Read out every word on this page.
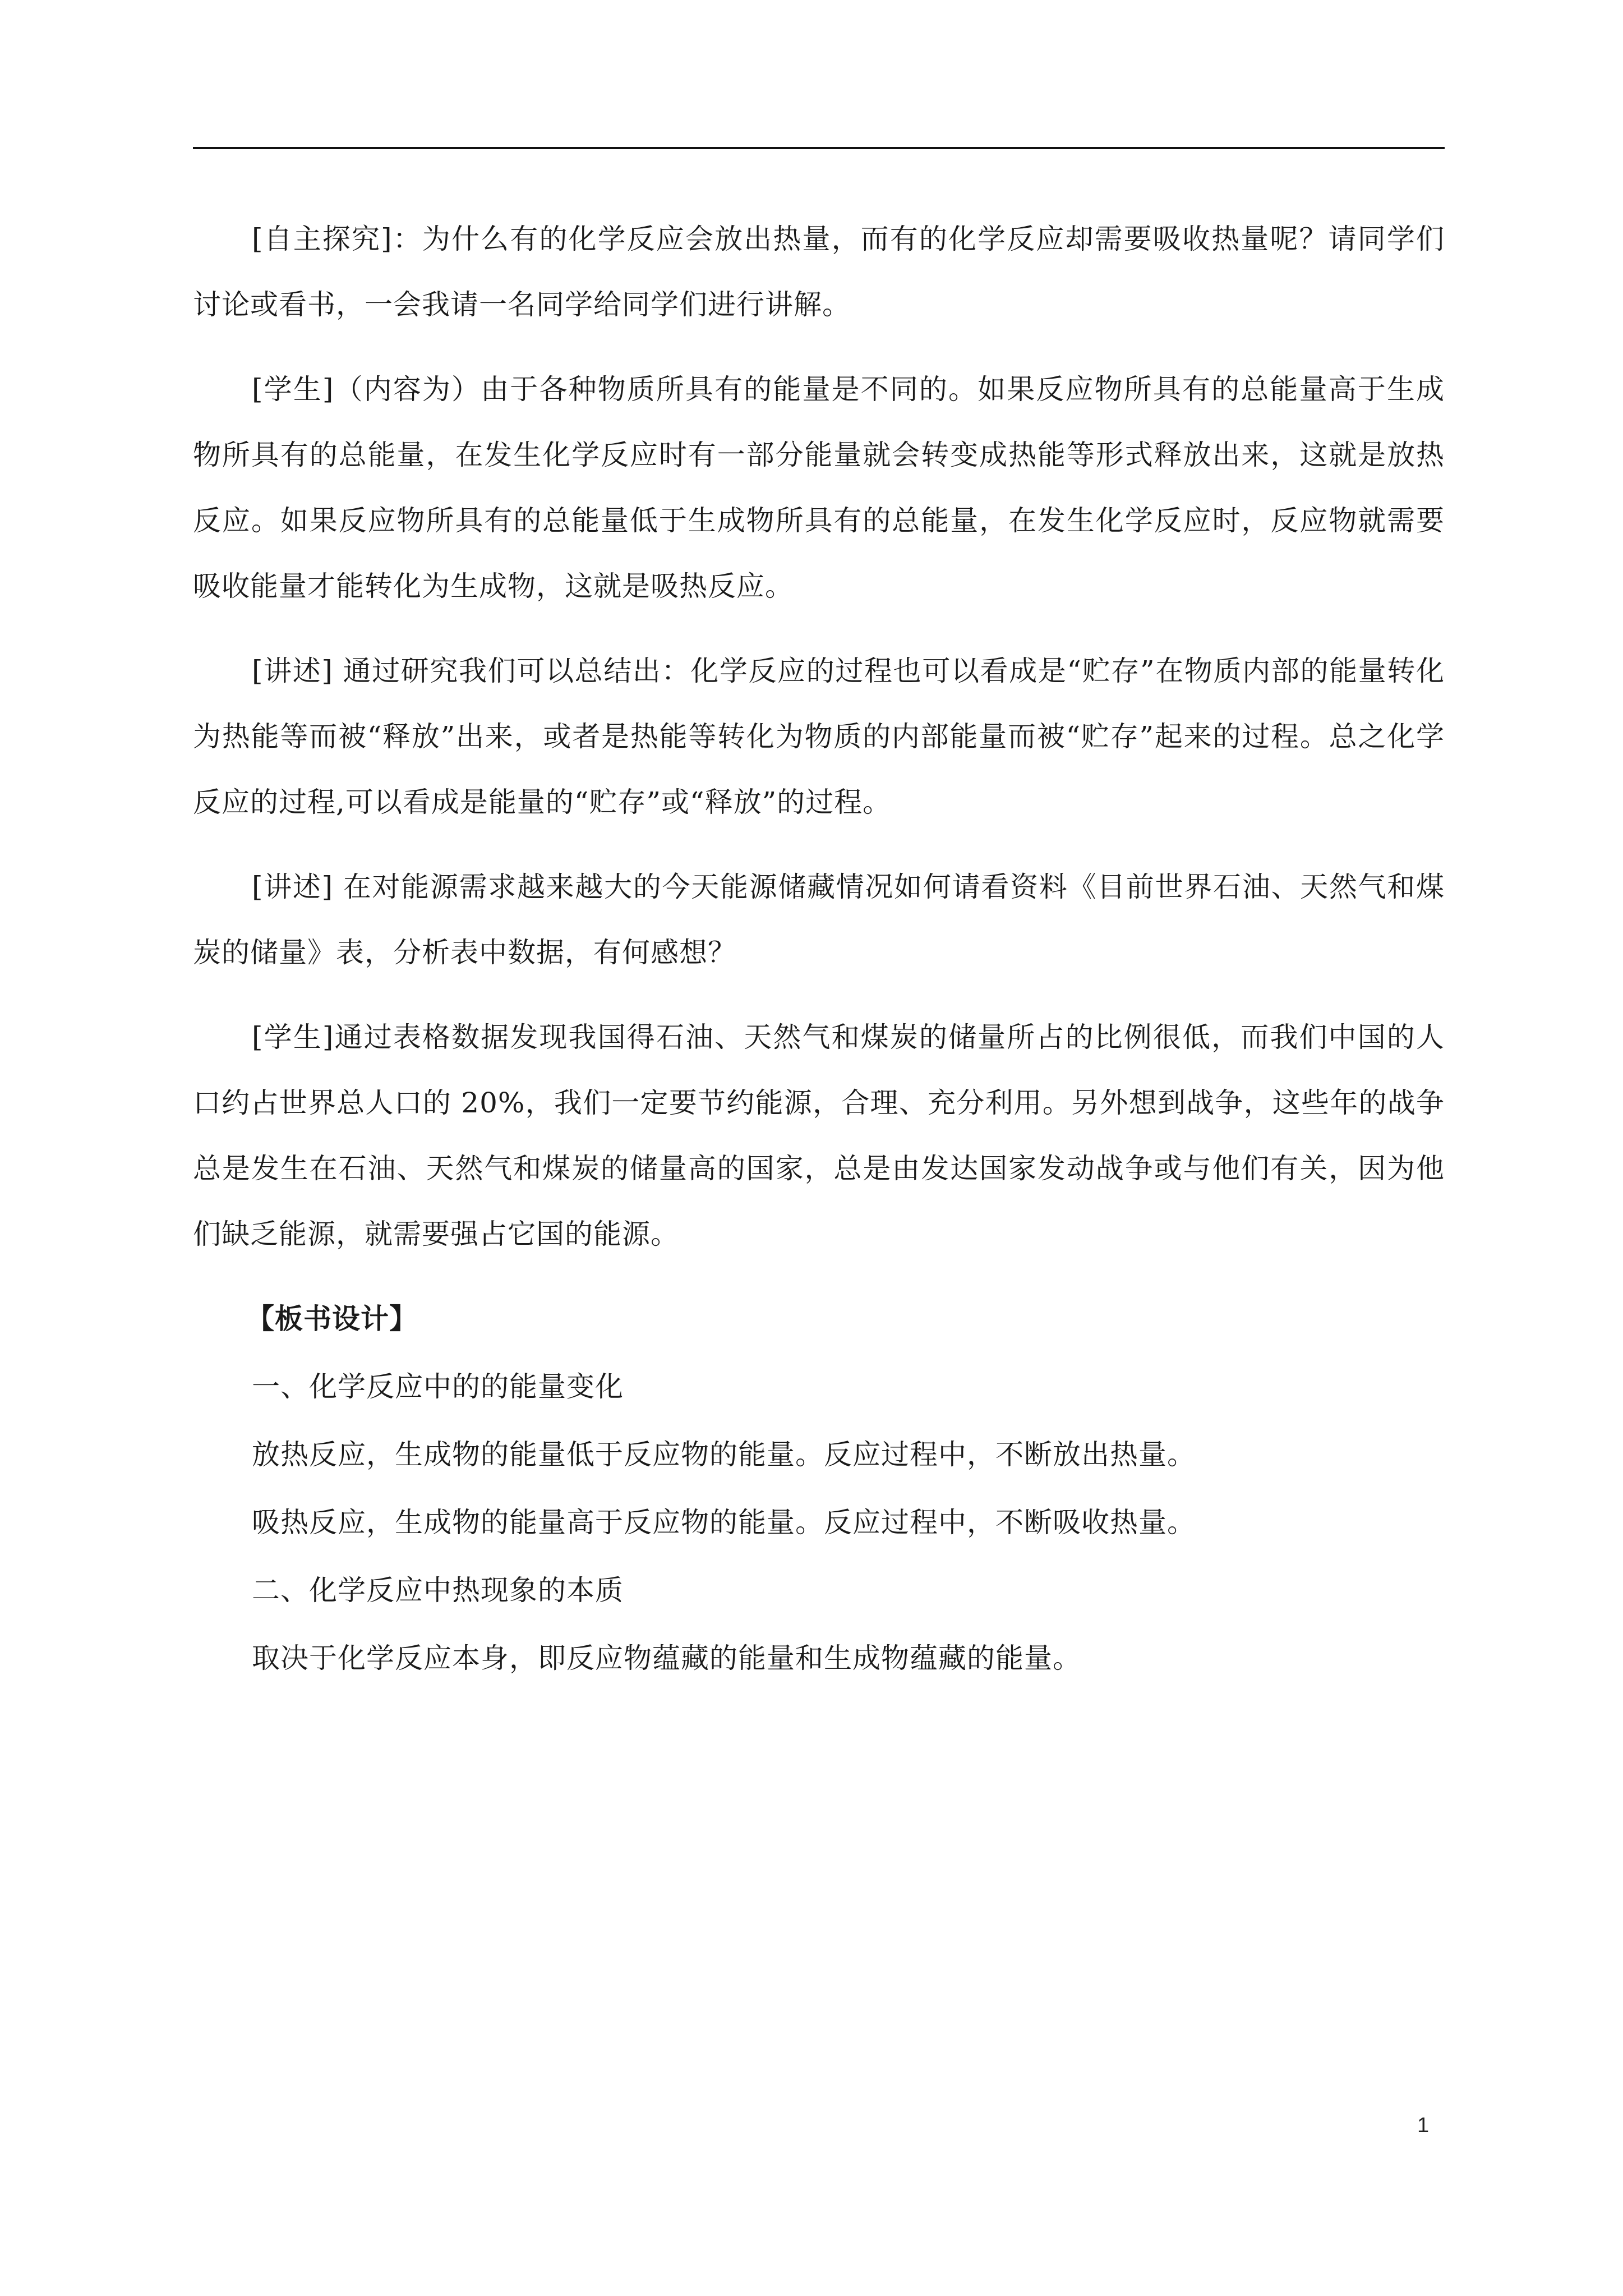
[自主探究]：为什么有的化学反应会放出热量，而有的化学反应却需要吸收热量呢？请同学们讨论或看书，一会我请一名同学给同学们进行讲解。

[学生]（内容为）由于各种物质所具有的能量是不同的。如果反应物所具有的总能量高于生成物所具有的总能量，在发生化学反应时有一部分能量就会转变成热能等形式释放出来，这就是放热反应。如果反应物所具有的总能量低于生成物所具有的总能量，在发生化学反应时，反应物就需要吸收能量才能转化为生成物，这就是吸热反应。

[讲述] 通过研究我们可以总结出：化学反应的过程也可以看成是“贮存”在物质内部的能量转化为热能等而被“释放”出来，或者是热能等转化为物质的内部能量而被“贮存”起来的过程。总之化学反应的过程,可以看成是能量的“贮存”或“释放”的过程。

[讲述] 在对能源需求越来越大的今天能源储藏情况如何请看资料《目前世界石油、天然气和煤炭的储量》表，分析表中数据，有何感想？

[学生]通过表格数据发现我国得石油、天然气和煤炭的储量所占的比例很低，而我们中国的人口约占世界总人口的 20%，我们一定要节约能源，合理、充分利用。另外想到战争，这些年的战争总是发生在石油、天然气和煤炭的储量高的国家，总是由发达国家发动战争或与他们有关，因为他们缺乏能源，就需要强占它国的能源。

【板书设计】

一、化学反应中的的能量变化

放热反应，生成物的能量低于反应物的能量。反应过程中，不断放出热量。

吸热反应，生成物的能量高于反应物的能量。反应过程中，不断吸收热量。

二、化学反应中热现象的本质

取决于化学反应本身，即反应物蕴藏的能量和生成物蕴藏的能量。

1
